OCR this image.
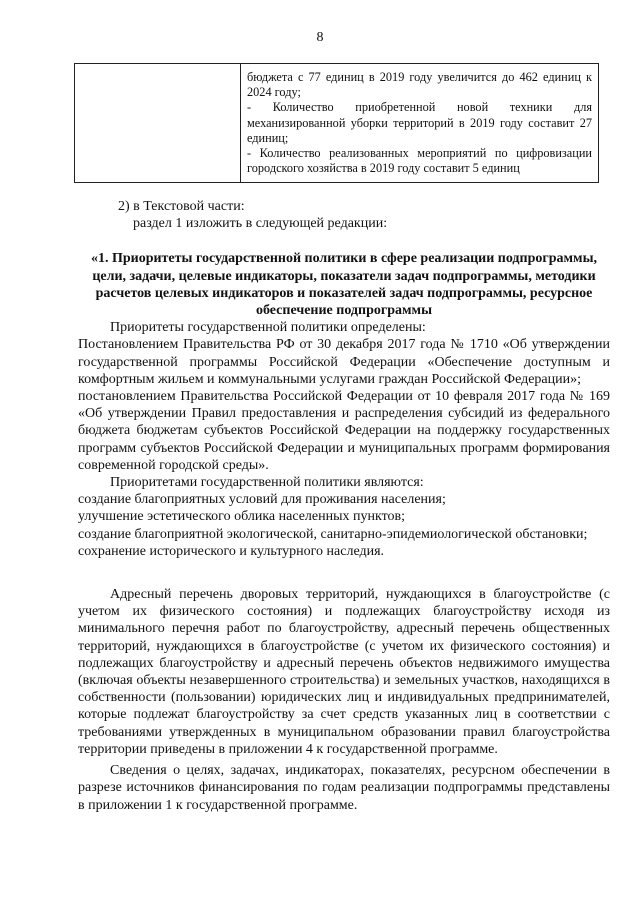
8
бюджета с 77 единиц в 2019 году увеличится до 462 единиц к 2024 году;
- Количество приобретенной новой техники для механизированной уборки территорий в 2019 году составит 27 единиц;
- Количество реализованных мероприятий по цифровизации городского хозяйства в 2019 году составит 5 единиц

2) в Текстовой части:

раздел 1 изложить в следующей редакции:

«1. Приоритеты государственной политики в сфере реализации подпрограммы, цели, задачи, целевые индикаторы, показатели задач подпрограммы, методики расчетов целевых индикаторов и показателей задач подпрограммы, ресурсное обеспечение подпрограммы

Приоритеты государственной политики определены:

Постановлением Правительства РФ от 30 декабря 2017 года № 1710 «Об утверждении государственной программы Российской Федерации «Обеспечение доступным и комфортным жильем и коммунальными услугами граждан Российской Федерации»;

постановлением Правительства Российской Федерации от 10 февраля 2017 года № 169 «Об утверждении Правил предоставления и распределения субсидий из федерального бюджета бюджетам субъектов Российской Федерации на поддержку государственных программ субъектов Российской Федерации и муниципальных программ формирования современной городской среды».

Приоритетами государственной политики являются:

создание благоприятных условий для проживания населения;

улучшение эстетического облика населенных пунктов;

создание благоприятной экологической, санитарно-эпидемиологической обстановки;

сохранение исторического и культурного наследия.

Адресный перечень дворовых территорий, нуждающихся в благоустройстве (с учетом их физического состояния) и подлежащих благоустройству исходя из минимального перечня работ по благоустройству, адресный перечень общественных территорий, нуждающихся в благоустройстве (с учетом их физического состояния) и подлежащих благоустройству и адресный перечень объектов недвижимого имущества (включая объекты незавершенного строительства) и земельных участков, находящихся в собственности (пользовании) юридических лиц и индивидуальных предпринимателей, которые подлежат благоустройству за счет средств указанных лиц в соответствии с требованиями утвержденных в муниципальном образовании правил благоустройства территории приведены в приложении 4 к государственной программе.

Сведения о целях, задачах, индикаторах, показателях, ресурсном обеспечении в разрезе источников финансирования по годам реализации подпрограммы представлены в приложении 1 к государственной программе.
